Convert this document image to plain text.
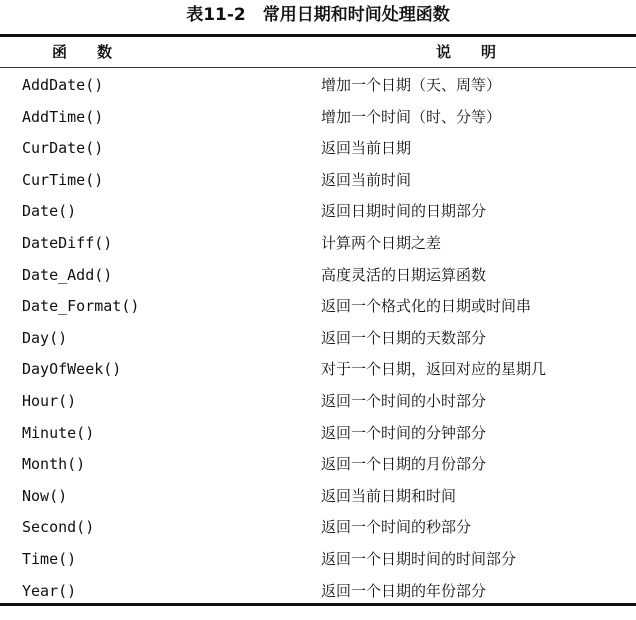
表11-2　常用日期和时间处理函数
函　　数	说　　明
AddDate()	增加一个日期（天、周等）
AddTime()	增加一个时间（时、分等）
CurDate()	返回当前日期
CurTime()	返回当前时间
Date()	返回日期时间的日期部分
DateDiff()	计算两个日期之差
Date_Add()	高度灵活的日期运算函数
Date_Format()	返回一个格式化的日期或时间串
Day()	返回一个日期的天数部分
DayOfWeek()	对于一个日期，返回对应的星期几
Hour()	返回一个时间的小时部分
Minute()	返回一个时间的分钟部分
Month()	返回一个日期的月份部分
Now()	返回当前日期和时间
Second()	返回一个时间的秒部分
Time()	返回一个日期时间的时间部分
Year()	返回一个日期的年份部分
